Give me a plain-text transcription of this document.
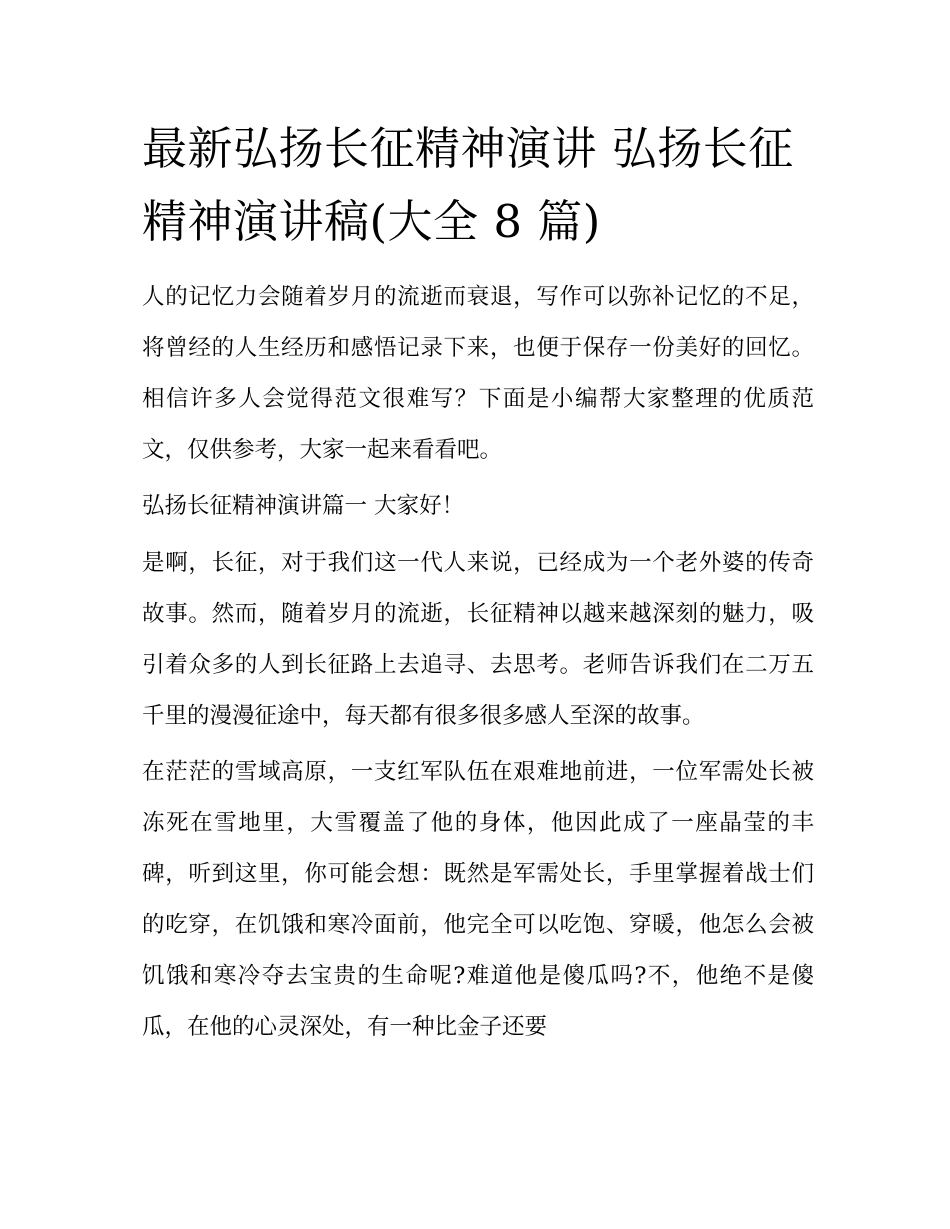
最新弘扬长征精神演讲 弘扬长征精神演讲稿(大全 8 篇)

人的记忆力会随着岁月的流逝而衰退，写作可以弥补记忆的不足，将曾经的人生经历和感悟记录下来，也便于保存一份美好的回忆。相信许多人会觉得范文很难写？下面是小编帮大家整理的优质范文，仅供参考，大家一起来看看吧。

弘扬长征精神演讲篇一 大家好！

是啊，长征，对于我们这一代人来说，已经成为一个老外婆的传奇故事。然而，随着岁月的流逝，长征精神以越来越深刻的魅力，吸引着众多的人到长征路上去追寻、去思考。老师告诉我们在二万五千里的漫漫征途中，每天都有很多很多感人至深的故事。

在茫茫的雪域高原，一支红军队伍在艰难地前进，一位军需处长被冻死在雪地里，大雪覆盖了他的身体，他因此成了一座晶莹的丰碑，听到这里，你可能会想：既然是军需处长，手里掌握着战士们的吃穿，在饥饿和寒冷面前，他完全可以吃饱、穿暖，他怎么会被饥饿和寒冷夺去宝贵的生命呢?难道他是傻瓜吗?不，他绝不是傻瓜，在他的心灵深处，有一种比金子还要
